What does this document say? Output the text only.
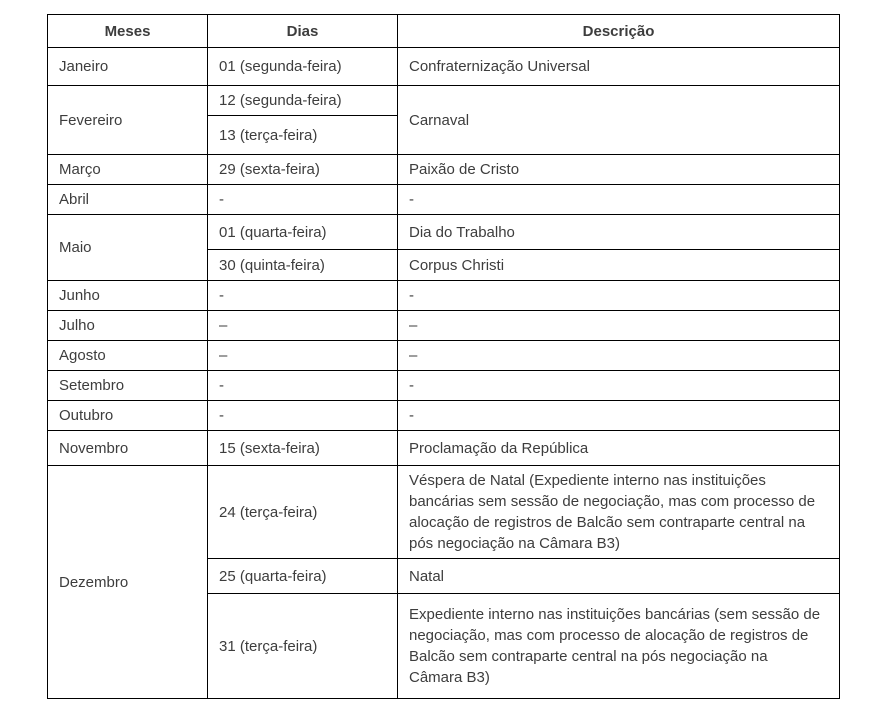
Meses	Dias	Descrição
Janeiro	01 (segunda-feira)	Confraternização Universal
Fevereiro	12 (segunda-feira)	Carnaval
	13 (terça-feira)	
Março	29 (sexta-feira)	Paixão de Cristo
Abril	-	-
Maio	01 (quarta-feira)	Dia do Trabalho
	30 (quinta-feira)	Corpus Christi
Junho	-	-
Julho	–	–
Agosto	–	–
Setembro	-	-
Outubro	-	-
Novembro	15 (sexta-feira)	Proclamação da República
Dezembro	24 (terça-feira)	Véspera de Natal (Expediente interno nas instituições bancárias sem sessão de negociação, mas com processo de alocação de registros de Balcão sem contraparte central na pós negociação na Câmara B3)
	25 (quarta-feira)	Natal
	31 (terça-feira)	Expediente interno nas instituições bancárias (sem sessão de negociação, mas com processo de alocação de registros de Balcão sem contraparte central na pós negociação na Câmara B3)
